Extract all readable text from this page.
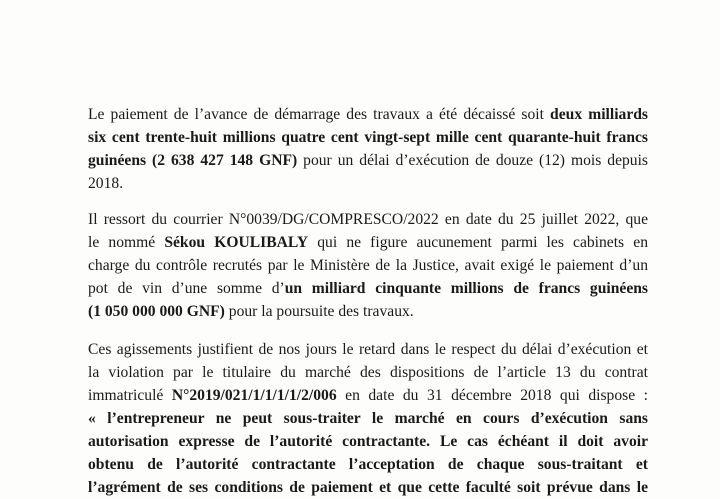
Le paiement de l’avance de démarrage des travaux a été décaissé soit deux milliards
six cent trente-huit millions quatre cent vingt-sept mille cent quarante-huit francs
guinéens (2 638 427 148 GNF) pour un délai d’exécution de douze (12) mois depuis
2018.
Il ressort du courrier N°0039/DG/COMPRESCO/2022 en date du 25 juillet 2022, que
le nommé Sékou KOULIBALY qui ne figure aucunement parmi les cabinets en
charge du contrôle recrutés par le Ministère de la Justice, avait exigé le paiement d’un
pot de vin d’une somme d’un milliard cinquante millions de francs guinéens
(1 050 000 000 GNF) pour la poursuite des travaux.
Ces agissements justifient de nos jours le retard dans le respect du délai d’exécution et
la violation par le titulaire du marché des dispositions de l’article 13 du contrat
immatriculé N°2019/021/1/1/1/1/2/006 en date du 31 décembre 2018 qui dispose :
« l’entrepreneur ne peut sous-traiter le marché en cours d’exécution sans
autorisation expresse de l’autorité contractante. Le cas échéant il doit avoir
obtenu de l’autorité contractante l’acceptation de chaque sous-traitant et
l’agrément de ses conditions de paiement et que cette faculté soit prévue dans le
